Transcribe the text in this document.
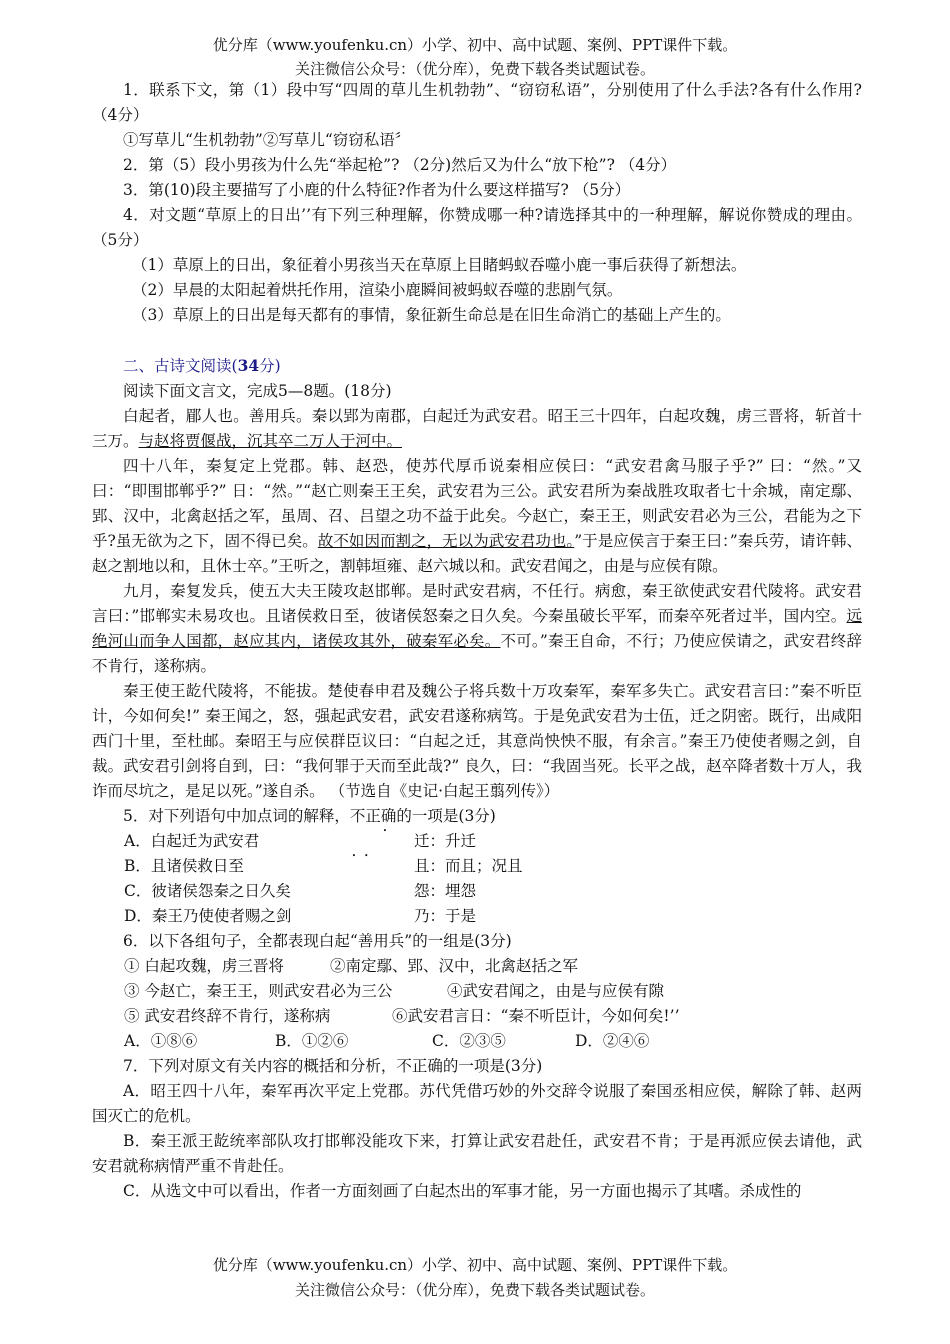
优分库（www.youfenku.cn）小学、初中、高中试题、案例、PPT课件下载。
关注微信公众号：（优分库），免费下载各类试题试卷。

1．联系下文，第（1）段中写“四周的草儿生机勃勃”、“窃窃私语”，分别使用了什么手法?各有什么作用? （4分）

①写草儿“生机勃勃”②写草儿“窃窃私语〞

2．第（5）段小男孩为什么先“举起枪”? （2分)然后又为什么“放下枪”? （4分）

3．第(10)段主要描写了小鹿的什么特征?作者为什么要这样描写? （5分）

4．对文题“草原上的日出’’有下列三种理解，你赞成哪一种?请选择其中的一种理解，解说你赞成的理由。 （5分）

（1）草原上的日出，象征着小男孩当天在草原上目睹蚂蚁吞噬小鹿一事后获得了新想法。

（2）早晨的太阳起着烘托作用，渲染小鹿瞬间被蚂蚁吞噬的悲剧气氛。

（3）草原上的日出是每天都有的事情，象征新生命总是在旧生命消亡的基础上产生的。

二、古诗文阅读(34分)

阅读下面文言文，完成5—8题。(18分)

白起者，郿人也。善用兵。秦以郢为南郡，白起迁为武安君。昭王三十四年，白起攻魏，虏三晋将，斩首十三万。与赵将贾偃战，沉其卒二万人于河中。

四十八年，秦复定上党郡。韩、赵恐，使苏代厚币说秦相应侯曰：“武安君禽马服子乎?” 曰：“然。”又曰：“即围邯郸乎?” 日：“然。”“赵亡则秦王王矣，武安君为三公。武安君所为秦战胜攻取者七十余城，南定鄢、郢、汉中，北禽赵括之军，虽周、召、吕望之功不益于此矣。今赵亡，秦王王，则武安君必为三公，君能为之下乎?虽无欲为之下，固不得已矣。故不如因而割之，无以为武安君功也。”于是应侯言于秦王曰：”秦兵劳，请许韩、赵之割地以和，且休士卒。”王听之，割韩垣雍、赵六城以和。武安君闻之，由是与应侯有隙。

九月，秦复发兵，使五大夫王陵攻赵邯郸。是时武安君病，不任行。病愈，秦王欲使武安君代陵将。武安君言曰：”邯郸实未易攻也。且诸侯救日至，彼诸侯怒秦之日久矣。今秦虽破长平军，而秦卒死者过半，国内空。远绝河山而争人国都，赵应其内，诸侯攻其外，破秦军必矣。不可。”秦王自命，不行；乃使应侯请之，武安君终辞不肯行，遂称病。

秦王使王龁代陵将，不能拔。楚使春申君及魏公子将兵数十万攻秦军，秦军多失亡。武安君言曰：”秦不听臣计，今如何矣!” 秦王闻之，怒，强起武安君，武安君遂称病笃。于是免武安君为士伍，迁之阴密。既行，出咸阳西门十里，至杜邮。秦昭王与应侯群臣议曰：“白起之迁，其意尚怏怏不服，有余言。”秦王乃使使者赐之剑，自裁。武安君引剑将自到，曰：“我何罪于天而至此哉?” 良久，曰：“我固当死。长平之战，赵卒降者数十万人，我诈而尽坑之，是足以死。”遂自杀。 （节选自《史记·白起王翦列传》）

5．对下列语句中加点词的解释，不正确 • • •的一项是(3分)

A．白起迁为武安君	迁：升迁
B．且诸侯救日至	且：而且；况且
C．彼诸侯怨秦之日久矣	怨：埋怨
D．秦王乃使使者赐之剑	乃：于是

6．以下各组句子，全都表现白起“善用兵”的一组是(3分)

① 白起攻魏，虏三晋将	②南定鄢、郢、汉中，北禽赵括之军
③ 今赵亡，秦王王，则武安君必为三公	④武安君闻之，由是与应侯有隙
⑤ 武安君终辞不肯行，遂称病	⑥武安君言日：“秦不听臣计，今如何矣!’’
A．①⑧⑥	B．①②⑥	C．②③⑤	D．②④⑥

7．下列对原文有关内容的概括和分析，不正确的一项是(3分)

A．昭王四十八年，秦军再次平定上党郡。苏代凭借巧妙的外交辞令说服了秦国丞相应侯，解除了韩、赵两国灭亡的危机。

B．秦王派王龁统率部队攻打邯郸没能攻下来，打算让武安君赴任，武安君不肯；于是再派应侯去请他，武安君就称病情严重不肯赴任。

C．从选文中可以看出，作者一方面刻画了白起杰出的军事才能，另一方面也揭示了其嗜。杀成性的

优分库（www.youfenku.cn）小学、初中、高中试题、案例、PPT课件下载。
关注微信公众号：（优分库），免费下载各类试题试卷。
